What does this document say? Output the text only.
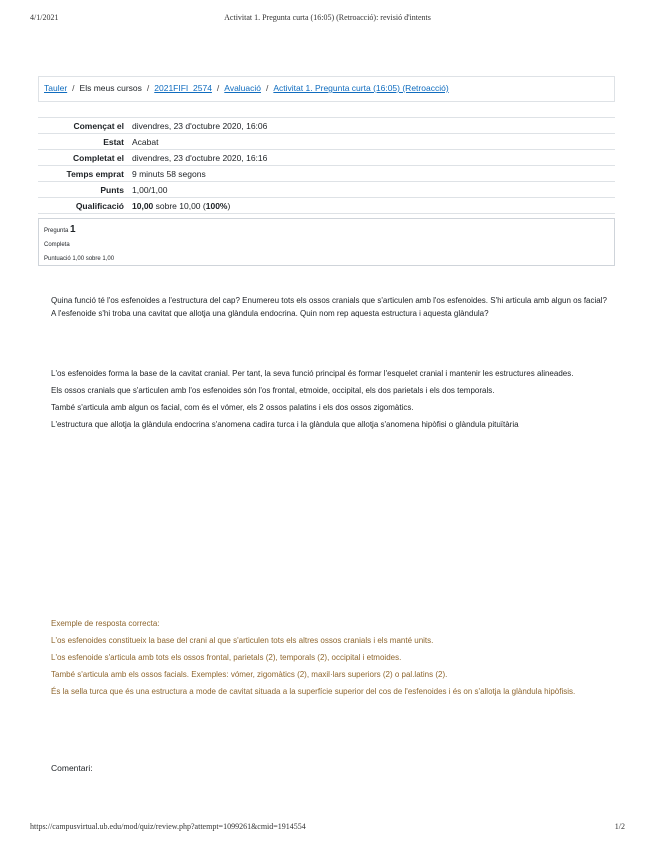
4/1/2021	Activitat 1. Pregunta curta (16:05) (Retroacció): revisió d'intents
Tauler / Els meus cursos / 2021FIFI_2574 / Avaluació / Activitat 1. Pregunta curta (16:05) (Retroacció)
Començat el	divendres, 23 d'octubre 2020, 16:06
Estat	Acabat
Completat el	divendres, 23 d'octubre 2020, 16:16
Temps emprat	9 minuts 58 segons
Punts	1,00/1,00
Qualificació	10,00 sobre 10,00 (100%)
Pregunta 1
Completa
Puntuació 1,00 sobre 1,00

Quina funció té l'os esfenoides a l'estructura del cap? Enumereu tots els ossos cranials que s'articulen amb l'os esfenoides. S'hi articula amb algun os facial? A l'esfenoide s'hi troba una cavitat que allotja una glàndula endocrina. Quin nom rep aquesta estructura i aquesta glàndula?

L'os esfenoides forma la base de la cavitat cranial. Per tant, la seva funció principal és formar l'esquelet cranial i mantenir les estructures alineades.

Els ossos cranials que s'articulen amb l'os esfenoides són l'os frontal, etmoide, occipital, els dos parietals i els dos temporals.

També s'articula amb algun os facial, com és el vómer, els 2 ossos palatins i els dos ossos zigomàtics.

L'estructura que allotja la glàndula endocrina s'anomena cadira turca i la glàndula que allotja s'anomena hipòfisi o glàndula pituïtària

Exemple de resposta correcta:

L'os esfenoides constitueix la base del crani al que s'articulen tots els altres ossos cranials i els manté units.

L'os esfenoide s'articula amb tots els ossos frontal, parietals (2), temporals (2), occipital i etmoides.

També s'articula amb els ossos facials. Exemples: vómer, zigomàtics (2), maxil·lars superiors (2) o pal.latins (2).

És la sella turca que és una estructura a mode de cavitat situada a la superfície superior del cos de l'esfenoides i és on s'allotja la glàndula hipòfisis.

Comentari:
https://campusvirtual.ub.edu/mod/quiz/review.php?attempt=1099261&cmid=1914554	1/2
